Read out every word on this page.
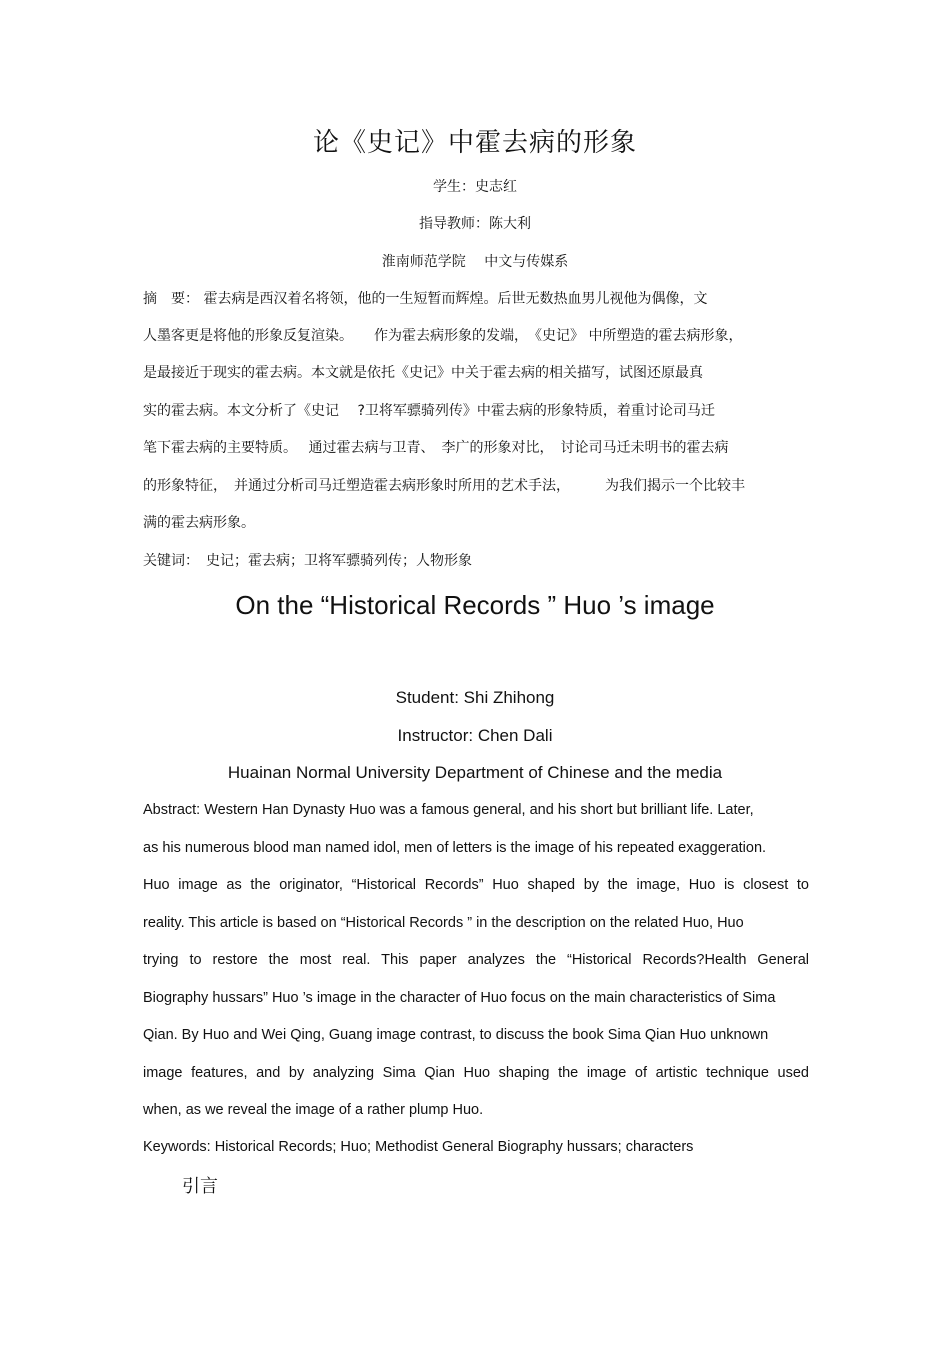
论《史记》中霍去病的形象
学生：史志红
指导教师：陈大利
淮南师范学院　 中文与传媒系
摘　要： 霍去病是西汉着名将领，他的一生短暂而辉煌。后世无数热血男儿视他为偶像，文
人墨客更是将他的形象反复渲染。　　作为霍去病形象的发端，　《史记》 中所塑造的霍去病形象，
是最接近于现实的霍去病。本文就是依托《史记》中关于霍去病的相关描写，试图还原最真
实的霍去病。本文分析了《史记　 ?卫将军骠骑列传》中霍去病的形象特质，着重讨论司马迁
笔下霍去病的主要特质。　 通过霍去病与卫青、　李广的形象对比，　讨论司马迁未明书的霍去病
的形象特征，　并通过分析司马迁塑造霍去病形象时所用的艺术手法，　　　为我们揭示一个比较丰
满的霍去病形象。
关键词：　史记；霍去病；卫将军骠骑列传；人物形象
On the “Historical Records ” Huo ’s image
Student: Shi Zhihong
Instructor: Chen Dali
Huainan Normal University Department of Chinese and the media
Abstract: Western Han Dynasty Huo was a famous general, and his short but brilliant life. Later,
as his numerous blood man named idol, men of letters is the image of his repeated exaggeration.
Huo image as the originator, “Historical Records” Huo shaped by the image, Huo is closest to
reality. This article is based on “Historical Records ” in the description on the related Huo, Huo
trying to restore the most real. This paper analyzes the “Historical Records?Health General
Biography hussars” Huo ’s image in the character of Huo focus on the main characteristics of Sima
Qian. By Huo and Wei Qing, Guang image contrast, to discuss the book Sima Qian Huo unknown
image features, and by analyzing Sima Qian Huo shaping the image of artistic technique used
when, as we reveal the image of a rather plump Huo.
Keywords: Historical Records; Huo; Methodist General Biography hussars; characters
引言
